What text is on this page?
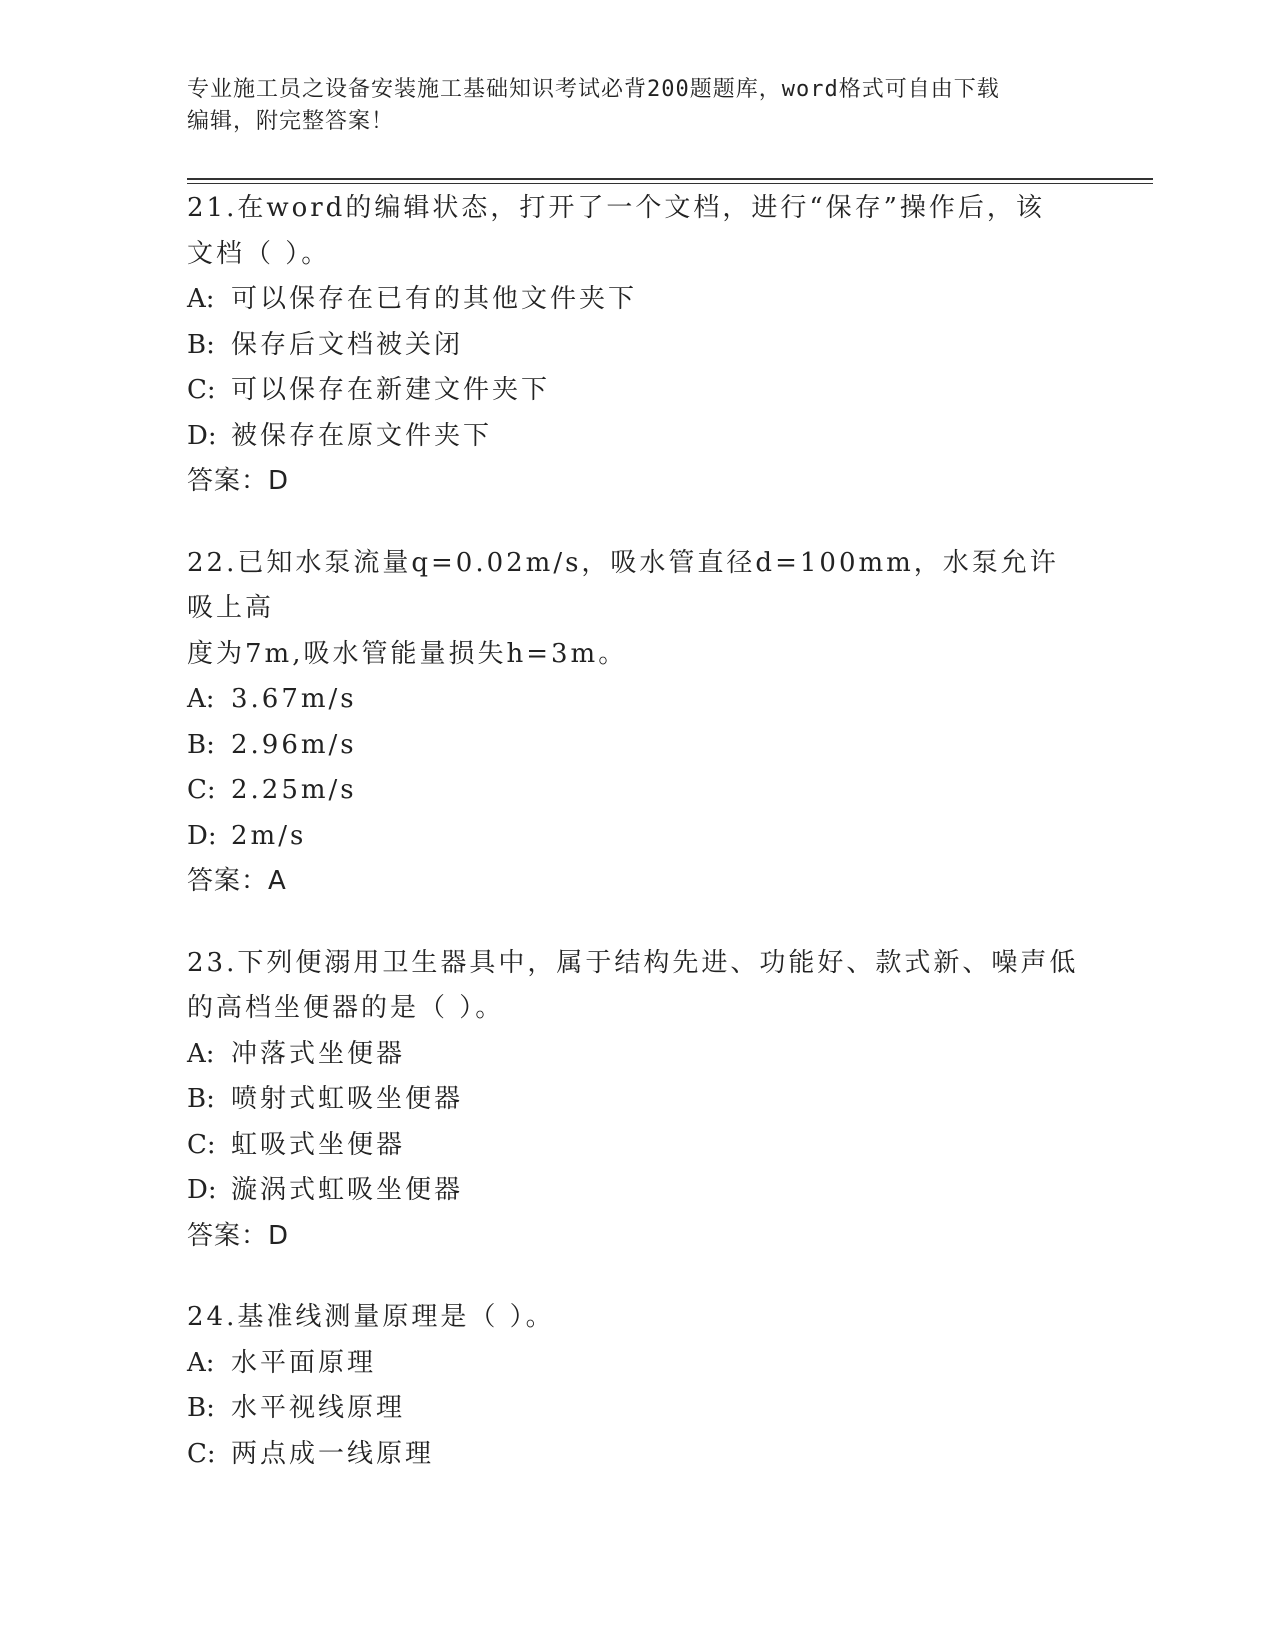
专业施工员之设备安装施工基础知识考试必背200题题库，word格式可自由下载
编辑，附完整答案！
21.在word的编辑状态，打开了一个文档，进行“保存”操作后，该
文档（ ）。
A: 可以保存在已有的其他文件夹下
B: 保存后文档被关闭
C: 可以保存在新建文件夹下
D: 被保存在原文件夹下
答案：D
22.已知水泵流量q=0.02m/s，吸水管直径d=100mm，水泵允许吸上高
度为7m,吸水管能量损失h=3m。
A: 3.67m/s
B: 2.96m/s
C: 2.25m/s
D: 2m/s
答案：A
23.下列便溺用卫生器具中，属于结构先进、功能好、款式新、噪声低
的高档坐便器的是（ ）。
A: 冲落式坐便器
B: 喷射式虹吸坐便器
C: 虹吸式坐便器
D: 漩涡式虹吸坐便器
答案：D
24.基准线测量原理是（ ）。
A: 水平面原理
B: 水平视线原理
C: 两点成一线原理
